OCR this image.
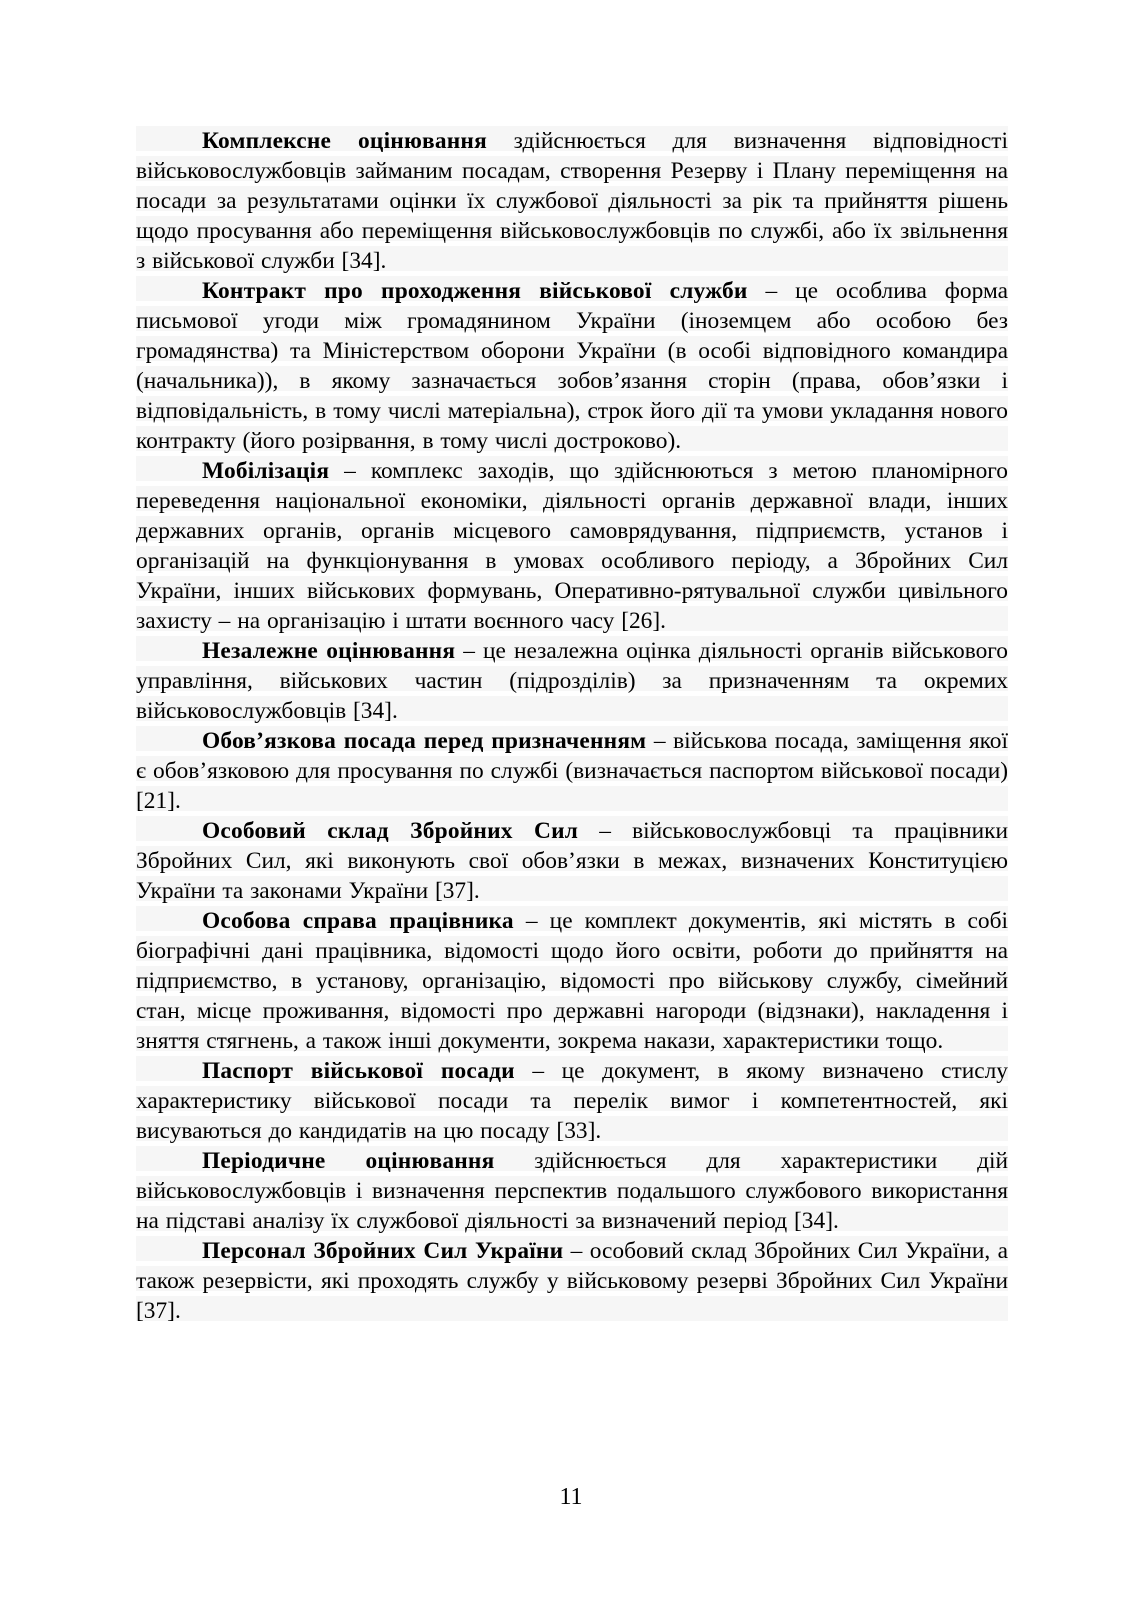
Комплексне оцінювання здійснюється для визначення відповідності військовослужбовців займаним посадам, створення Резерву і Плану переміщення на посади за результатами оцінки їх службової діяльності за рік та прийняття рішень щодо просування або переміщення військовослужбовців по службі, або їх звільнення з військової служби [34].

Контракт про проходження військової служби – це особлива форма письмової угоди між громадянином України (іноземцем або особою без громадянства) та Міністерством оборони України (в особі відповідного командира (начальника)), в якому зазначається зобов’язання сторін (права, обов’язки і відповідальність, в тому числі матеріальна), строк його дії та умови укладання нового контракту (його розірвання, в тому числі достроково).

Мобілізація – комплекс заходів, що здійснюються з метою планомірного переведення національної економіки, діяльності органів державної влади, інших державних органів, органів місцевого самоврядування, підприємств, установ і організацій на функціонування в умовах особливого періоду, а Збройних Сил України, інших військових формувань, Оперативно-рятувальної служби цивільного захисту – на організацію і штати воєнного часу [26].

Незалежне оцінювання – це незалежна оцінка діяльності органів військового управління, військових частин (підрозділів) за призначенням та окремих військовослужбовців [34].

Обов’язкова посада перед призначенням – військова посада, заміщення якої є обов’язковою для просування по службі (визначається паспортом військової посади) [21].

Особовий склад Збройних Сил – військовослужбовці та працівники Збройних Сил, які виконують свої обов’язки в межах, визначених Конституцією України та законами України [37].

Особова справа працівника – це комплект документів, які містять в собі біографічні дані працівника, відомості щодо його освіти, роботи до прийняття на підприємство, в установу, організацію, відомості про військову службу, сімейний стан, місце проживання, відомості про державні нагороди (відзнаки), накладення і зняття стягнень, а також інші документи, зокрема накази, характеристики тощо.

Паспорт військової посади – це документ, в якому визначено стислу характеристику військової посади та перелік вимог і компетентностей, які висуваються до кандидатів на цю посаду [33].

Періодичне оцінювання здійснюється для характеристики дій військовослужбовців і визначення перспектив подальшого службового використання на підставі аналізу їх службової діяльності за визначений період [34].

Персонал Збройних Сил України – особовий склад Збройних Сил України, а також резервісти, які проходять службу у військовому резерві Збройних Сил України [37].

11
